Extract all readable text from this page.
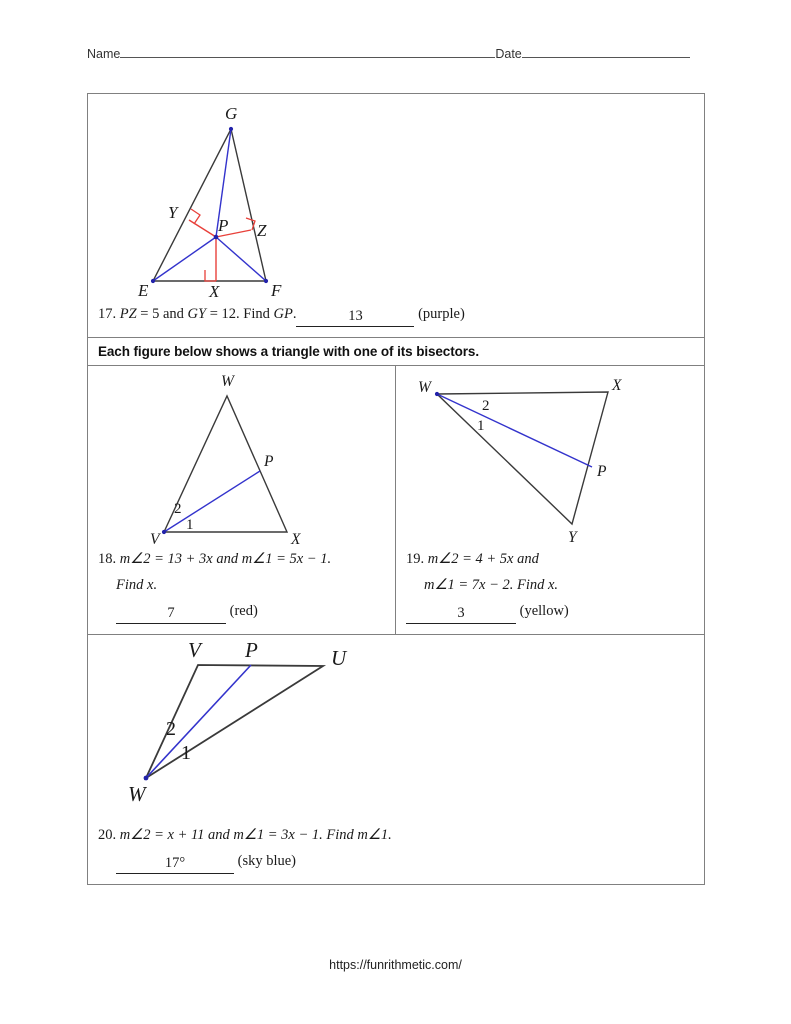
Name	Date
G
E	F
X
Y
Z
P
17. PZ = 5 and GY = 12. Find GP.	13	(purple)
Each figure below shows a triangle with one of its bisectors.
W
V	X
P
2
1
18. m∠2 = 13 + 3x and m∠1 = 5x − 1.
Find x.
7	(red)
W	X
Y
P
2
1
19. m∠2 = 4 + 5x and
m∠1 = 7x − 2. Find x.
3	(yellow)
V P	U
W
2
1
20. m∠2 = x + 11 and m∠1 = 3x − 1. Find m∠1.
17°	(sky blue)
https://funrithmetic.com/
